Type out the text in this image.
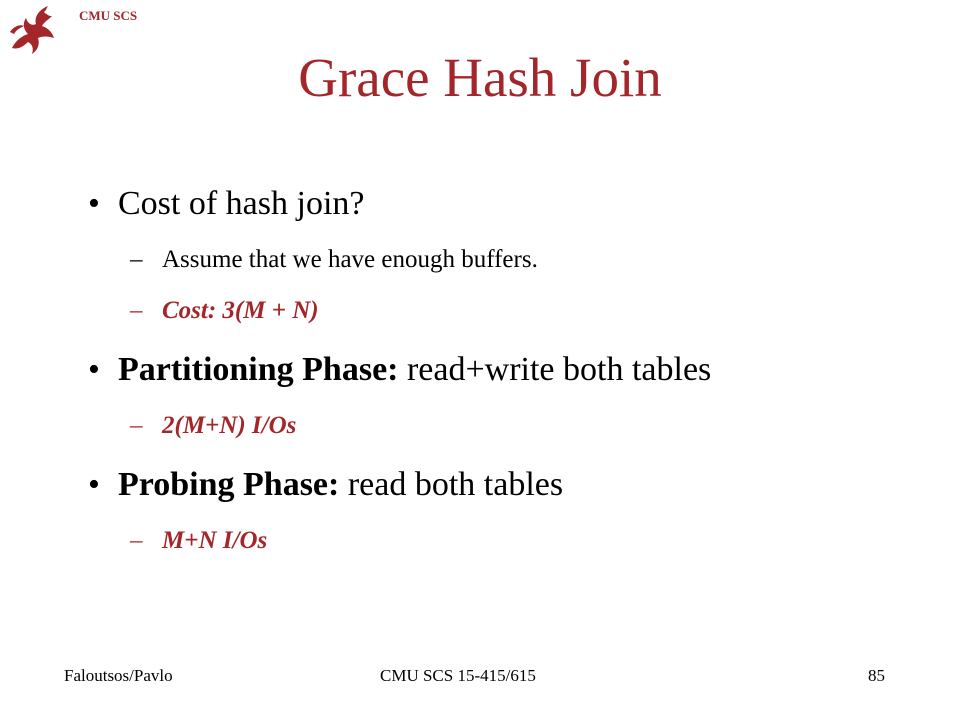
CMU SCS
Grace Hash Join
• Cost of hash join?
– Assume that we have enough buffers.
– Cost: 3(M + N)
• Partitioning Phase: read+write both tables
– 2(M+N) I/Os
• Probing Phase: read both tables
– M+N I/Os
Faloutsos/Pavlo	CMU SCS 15-415/615	85
